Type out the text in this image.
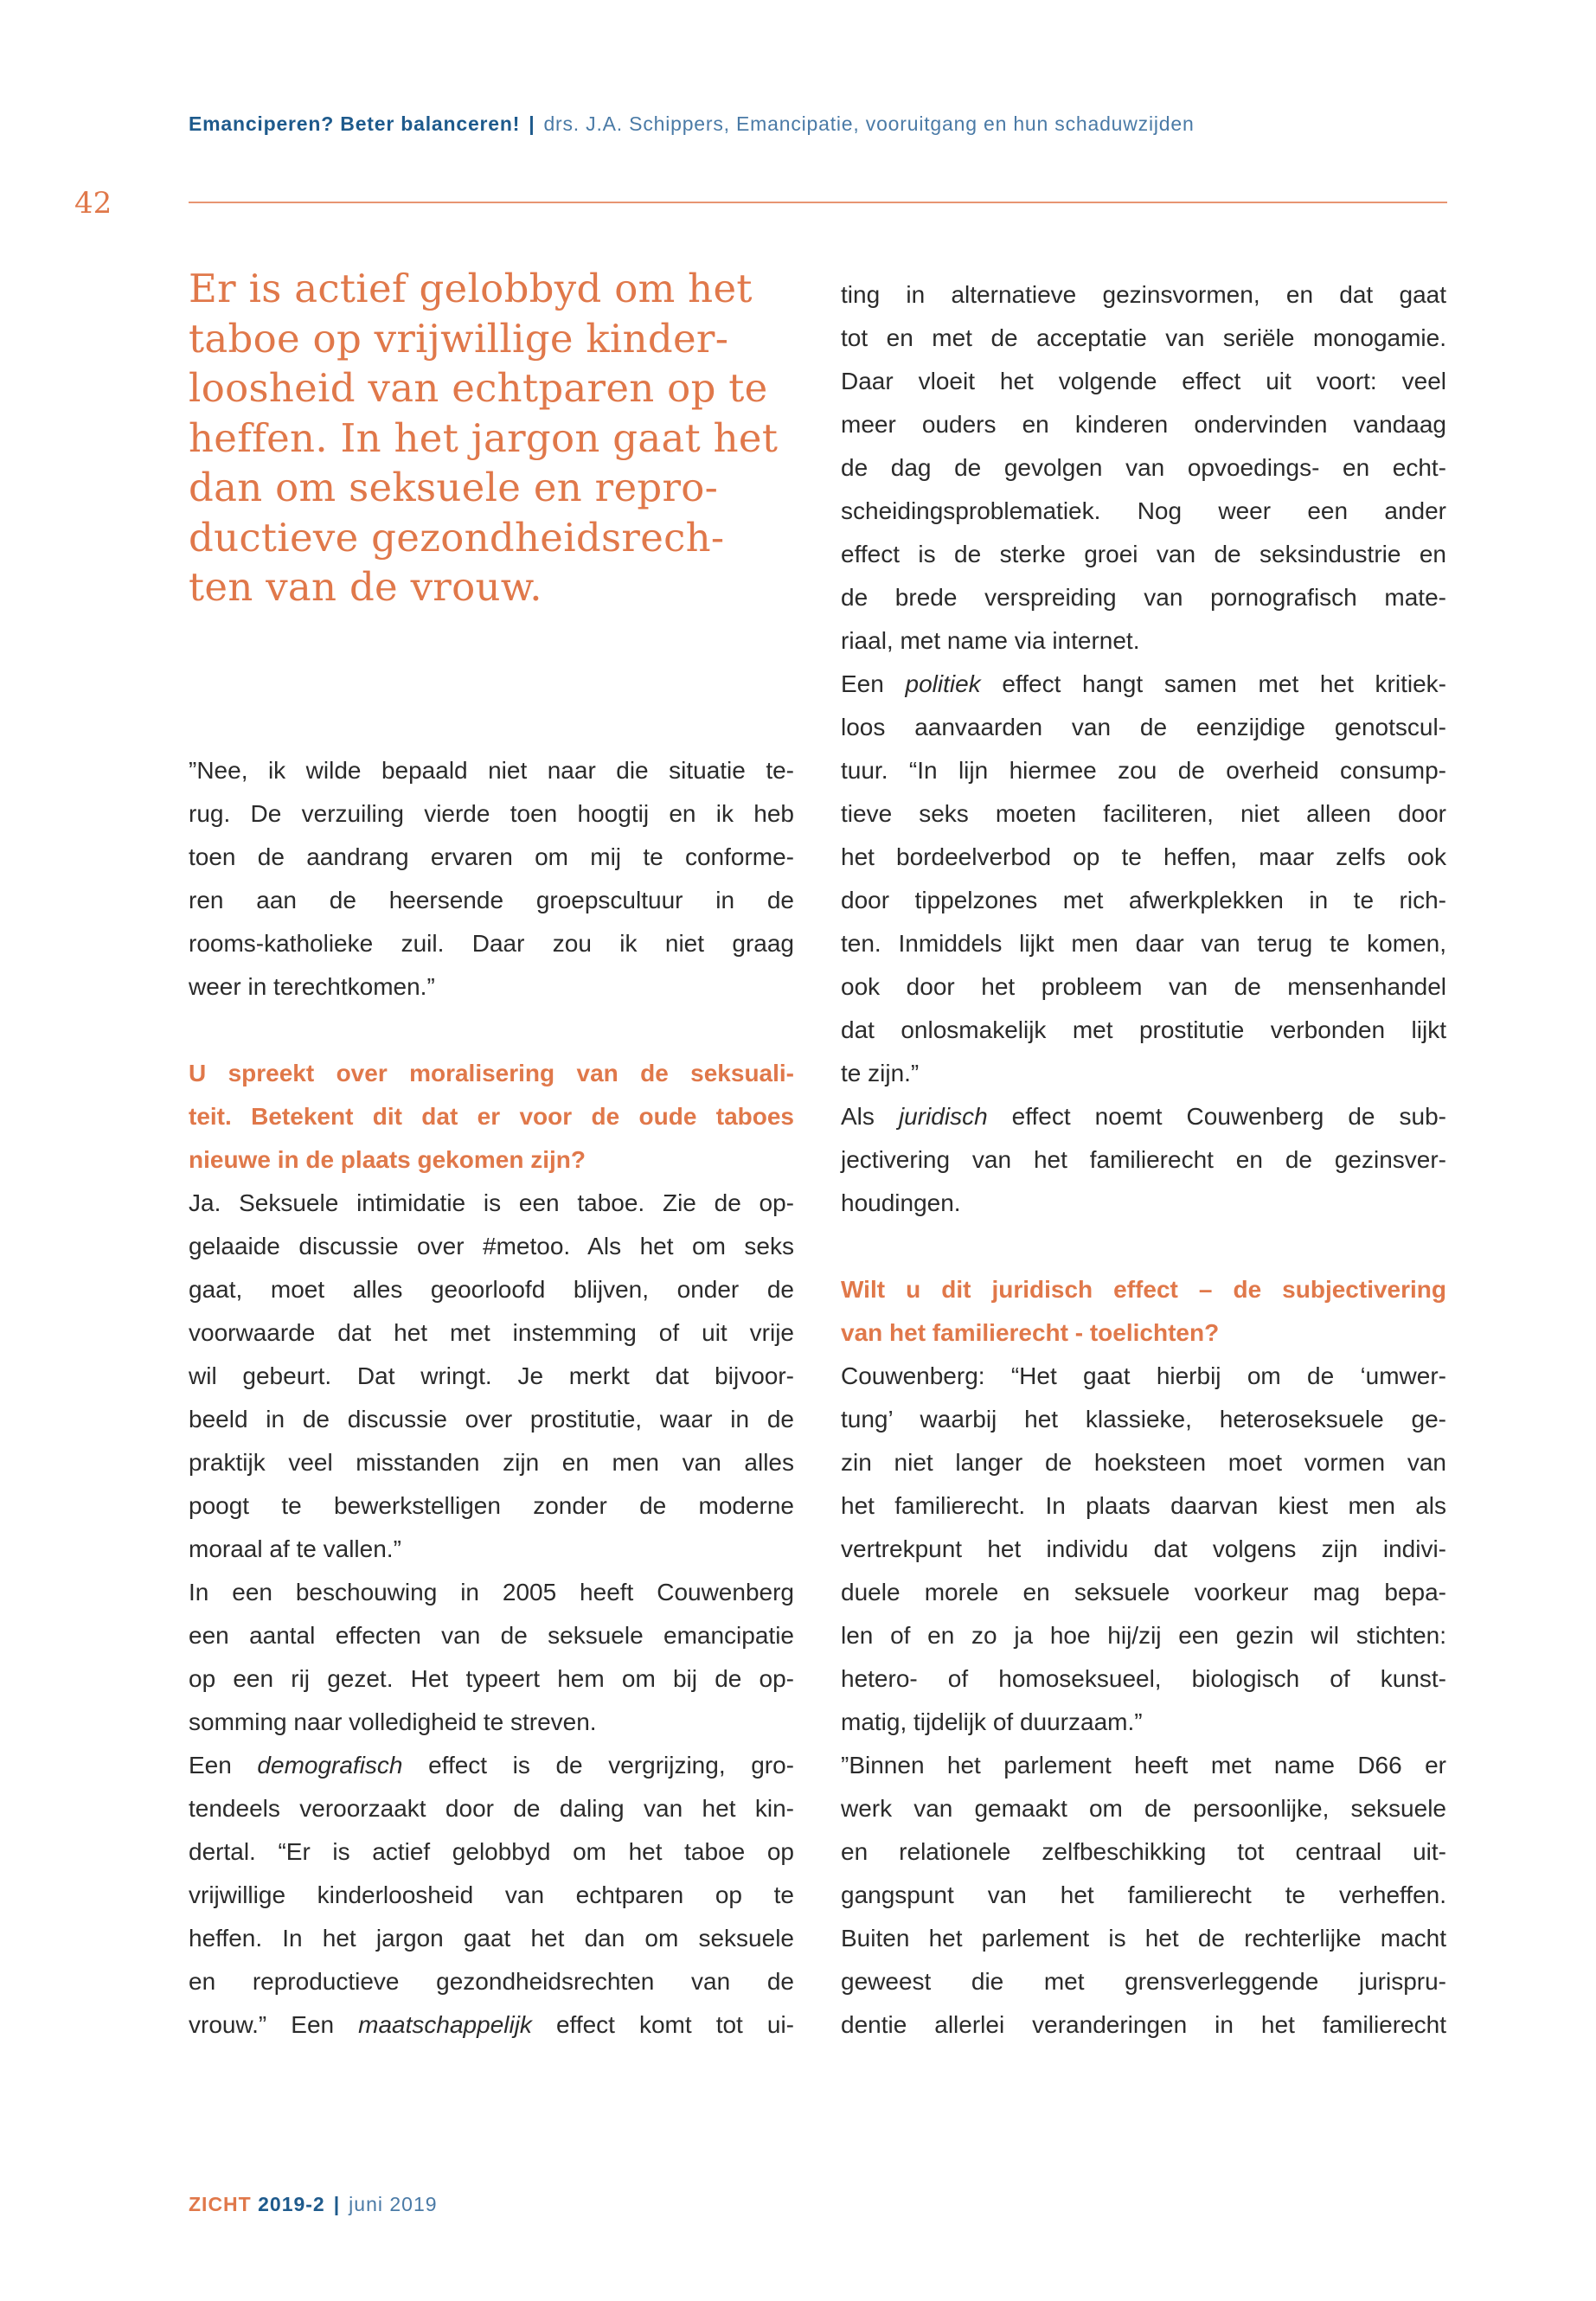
Emanciperen? Beter balanceren! | drs. J.A. Schippers, Emancipatie, vooruitgang en hun schaduwzijden
42
Er is actief gelobbyd om het
taboe op vrijwillige kinder-
loosheid van echtparen op te
heffen. In het jargon gaat het
dan om seksuele en repro-
ductieve gezondheidsrech-
ten van de vrouw.
”Nee, ik wilde bepaald niet naar die situatie te-
rug. De verzuiling vierde toen hoogtij en ik heb
toen de aandrang ervaren om mij te conforme-
ren aan de heersende groepscultuur in de
rooms-katholieke zuil. Daar zou ik niet graag
weer in terechtkomen.”
U spreekt over moralisering van de seksuali-
teit. Betekent dit dat er voor de oude taboes
nieuwe in de plaats gekomen zijn?
Ja. Seksuele intimidatie is een taboe. Zie de op-
gelaaide discussie over #metoo. Als het om seks
gaat, moet alles geoorloofd blijven, onder de
voorwaarde dat het met instemming of uit vrije
wil gebeurt. Dat wringt. Je merkt dat bijvoor-
beeld in de discussie over prostitutie, waar in de
praktijk veel misstanden zijn en men van alles
poogt te bewerkstelligen zonder de moderne
moraal af te vallen.”
In een beschouwing in 2005 heeft Couwenberg
een aantal effecten van de seksuele emancipatie
op een rij gezet. Het typeert hem om bij de op-
somming naar volledigheid te streven.
Een demografisch effect is de vergrijzing, gro-
tendeels veroorzaakt door de daling van het kin-
dertal. “Er is actief gelobbyd om het taboe op
vrijwillige kinderloosheid van echtparen op te
heffen. In het jargon gaat het dan om seksuele
en reproductieve gezondheidsrechten van de
vrouw.” Een maatschappelijk effect komt tot ui-
ting in alternatieve gezinsvormen, en dat gaat
tot en met de acceptatie van seriële monogamie.
Daar vloeit het volgende effect uit voort: veel
meer ouders en kinderen ondervinden vandaag
de dag de gevolgen van opvoedings- en echt-
scheidingsproblematiek. Nog weer een ander
effect is de sterke groei van de seksindustrie en
de brede verspreiding van pornografisch mate-
riaal, met name via internet.
Een politiek effect hangt samen met het kritiek-
loos aanvaarden van de eenzijdige genotscul-
tuur. “In lijn hiermee zou de overheid consump-
tieve seks moeten faciliteren, niet alleen door
het bordeelverbod op te heffen, maar zelfs ook
door tippelzones met afwerkplekken in te rich-
ten. Inmiddels lijkt men daar van terug te komen,
ook door het probleem van de mensenhandel
dat onlosmakelijk met prostitutie verbonden lijkt
te zijn.”
Als juridisch effect noemt Couwenberg de sub-
jectivering van het familierecht en de gezinsver-
houdingen.
Wilt u dit juridisch effect – de subjectivering
van het familierecht - toelichten?
Couwenberg: “Het gaat hierbij om de ‘umwer-
tung’ waarbij het klassieke, heteroseksuele ge-
zin niet langer de hoeksteen moet vormen van
het familierecht. In plaats daarvan kiest men als
vertrekpunt het individu dat volgens zijn indivi-
duele morele en seksuele voorkeur mag bepa-
len of en zo ja hoe hij/zij een gezin wil stichten:
hetero- of homoseksueel, biologisch of kunst-
matig, tijdelijk of duurzaam.”
”Binnen het parlement heeft met name D66 er
werk van gemaakt om de persoonlijke, seksuele
en relationele zelfbeschikking tot centraal uit-
gangspunt van het familierecht te verheffen.
Buiten het parlement is het de rechterlijke macht
geweest die met grensverleggende jurispru-
dentie allerlei veranderingen in het familierecht
ZICHT 2019-2 | juni 2019
